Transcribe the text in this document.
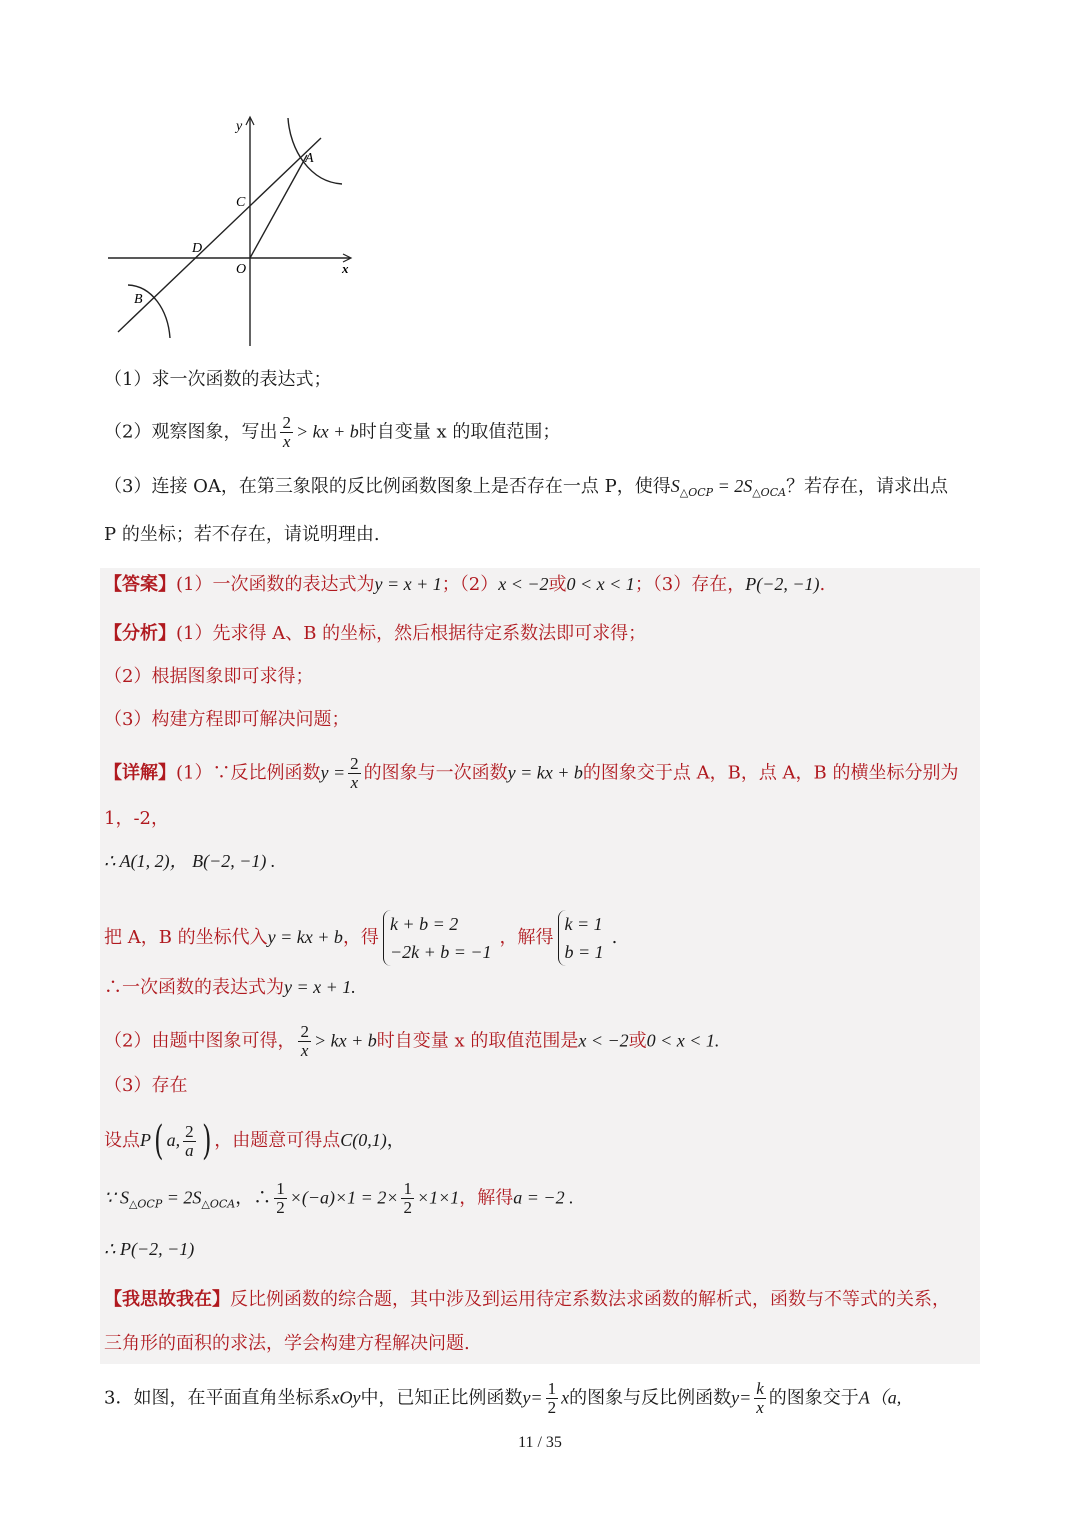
x
y
A
B
C
D
O
（1）求一次函数的表达式；
（2）观察图象，写出 $\frac{2}{x}$ > kx + b时自变量 x 的取值范围；
（3）连接 OA，在第三象限的反比例函数图象上是否存在一点 P，使得$S_{\triangle OCP} = 2S_{\triangle OCA}$？若存在，请求出点
P 的坐标；若不存在，请说明理由.
【答案】(1）一次函数的表达式为y = x + 1；（2）x < −2或0 < x < 1；（3）存在，P(−2, −1).
【分析】(1）先求得 A、B 的坐标，然后根据待定系数法即可求得；
（2）根据图象即可求得；
（3）构建方程即可解决问题；
【详解】(1）∵反比例函数$y = \frac{2}{x}$ 的图象与一次函数y = kx + b的图象交于点 A，B，点 A，B 的横坐标分别为
1，-2，
∴ A(1, 2)， B(−2, −1) .
把 A，B 的坐标代入y = kx + b，得
k + b = 2
−2k + b = −1
，解得
k = 1
b = 1
.
∴一次函数的表达式为y = x + 1.
（2）由题中图象可得， $\frac{2}{x}$ > kx + b时自变量 x 的取值范围是x < −2或0 < x < 1.
（3）存在
设点P( a, $\frac{2}{a}$ ) ，由题意可得点C(0,1)，
∵ $S_{\triangle OCP} = 2S_{\triangle OCA}$，∴ $\frac{1}{2} \times(-a)\times 1 = 2\times \frac{1}{2} \times 1\times 1$，解得a = −2 .
∴ P(−2, −1)
【我思故我在】反比例函数的综合题，其中涉及到运用待定系数法求函数的解析式，函数与不等式的关系，
三角形的面积的求法，学会构建方程解决问题.
3．如图，在平面直角坐标系xOy中，已知正比例函数$y= \frac{1}{2}$ x的图象与反比例函数$y= \frac{k}{x}$ 的图象交于A（a,
11 / 35
